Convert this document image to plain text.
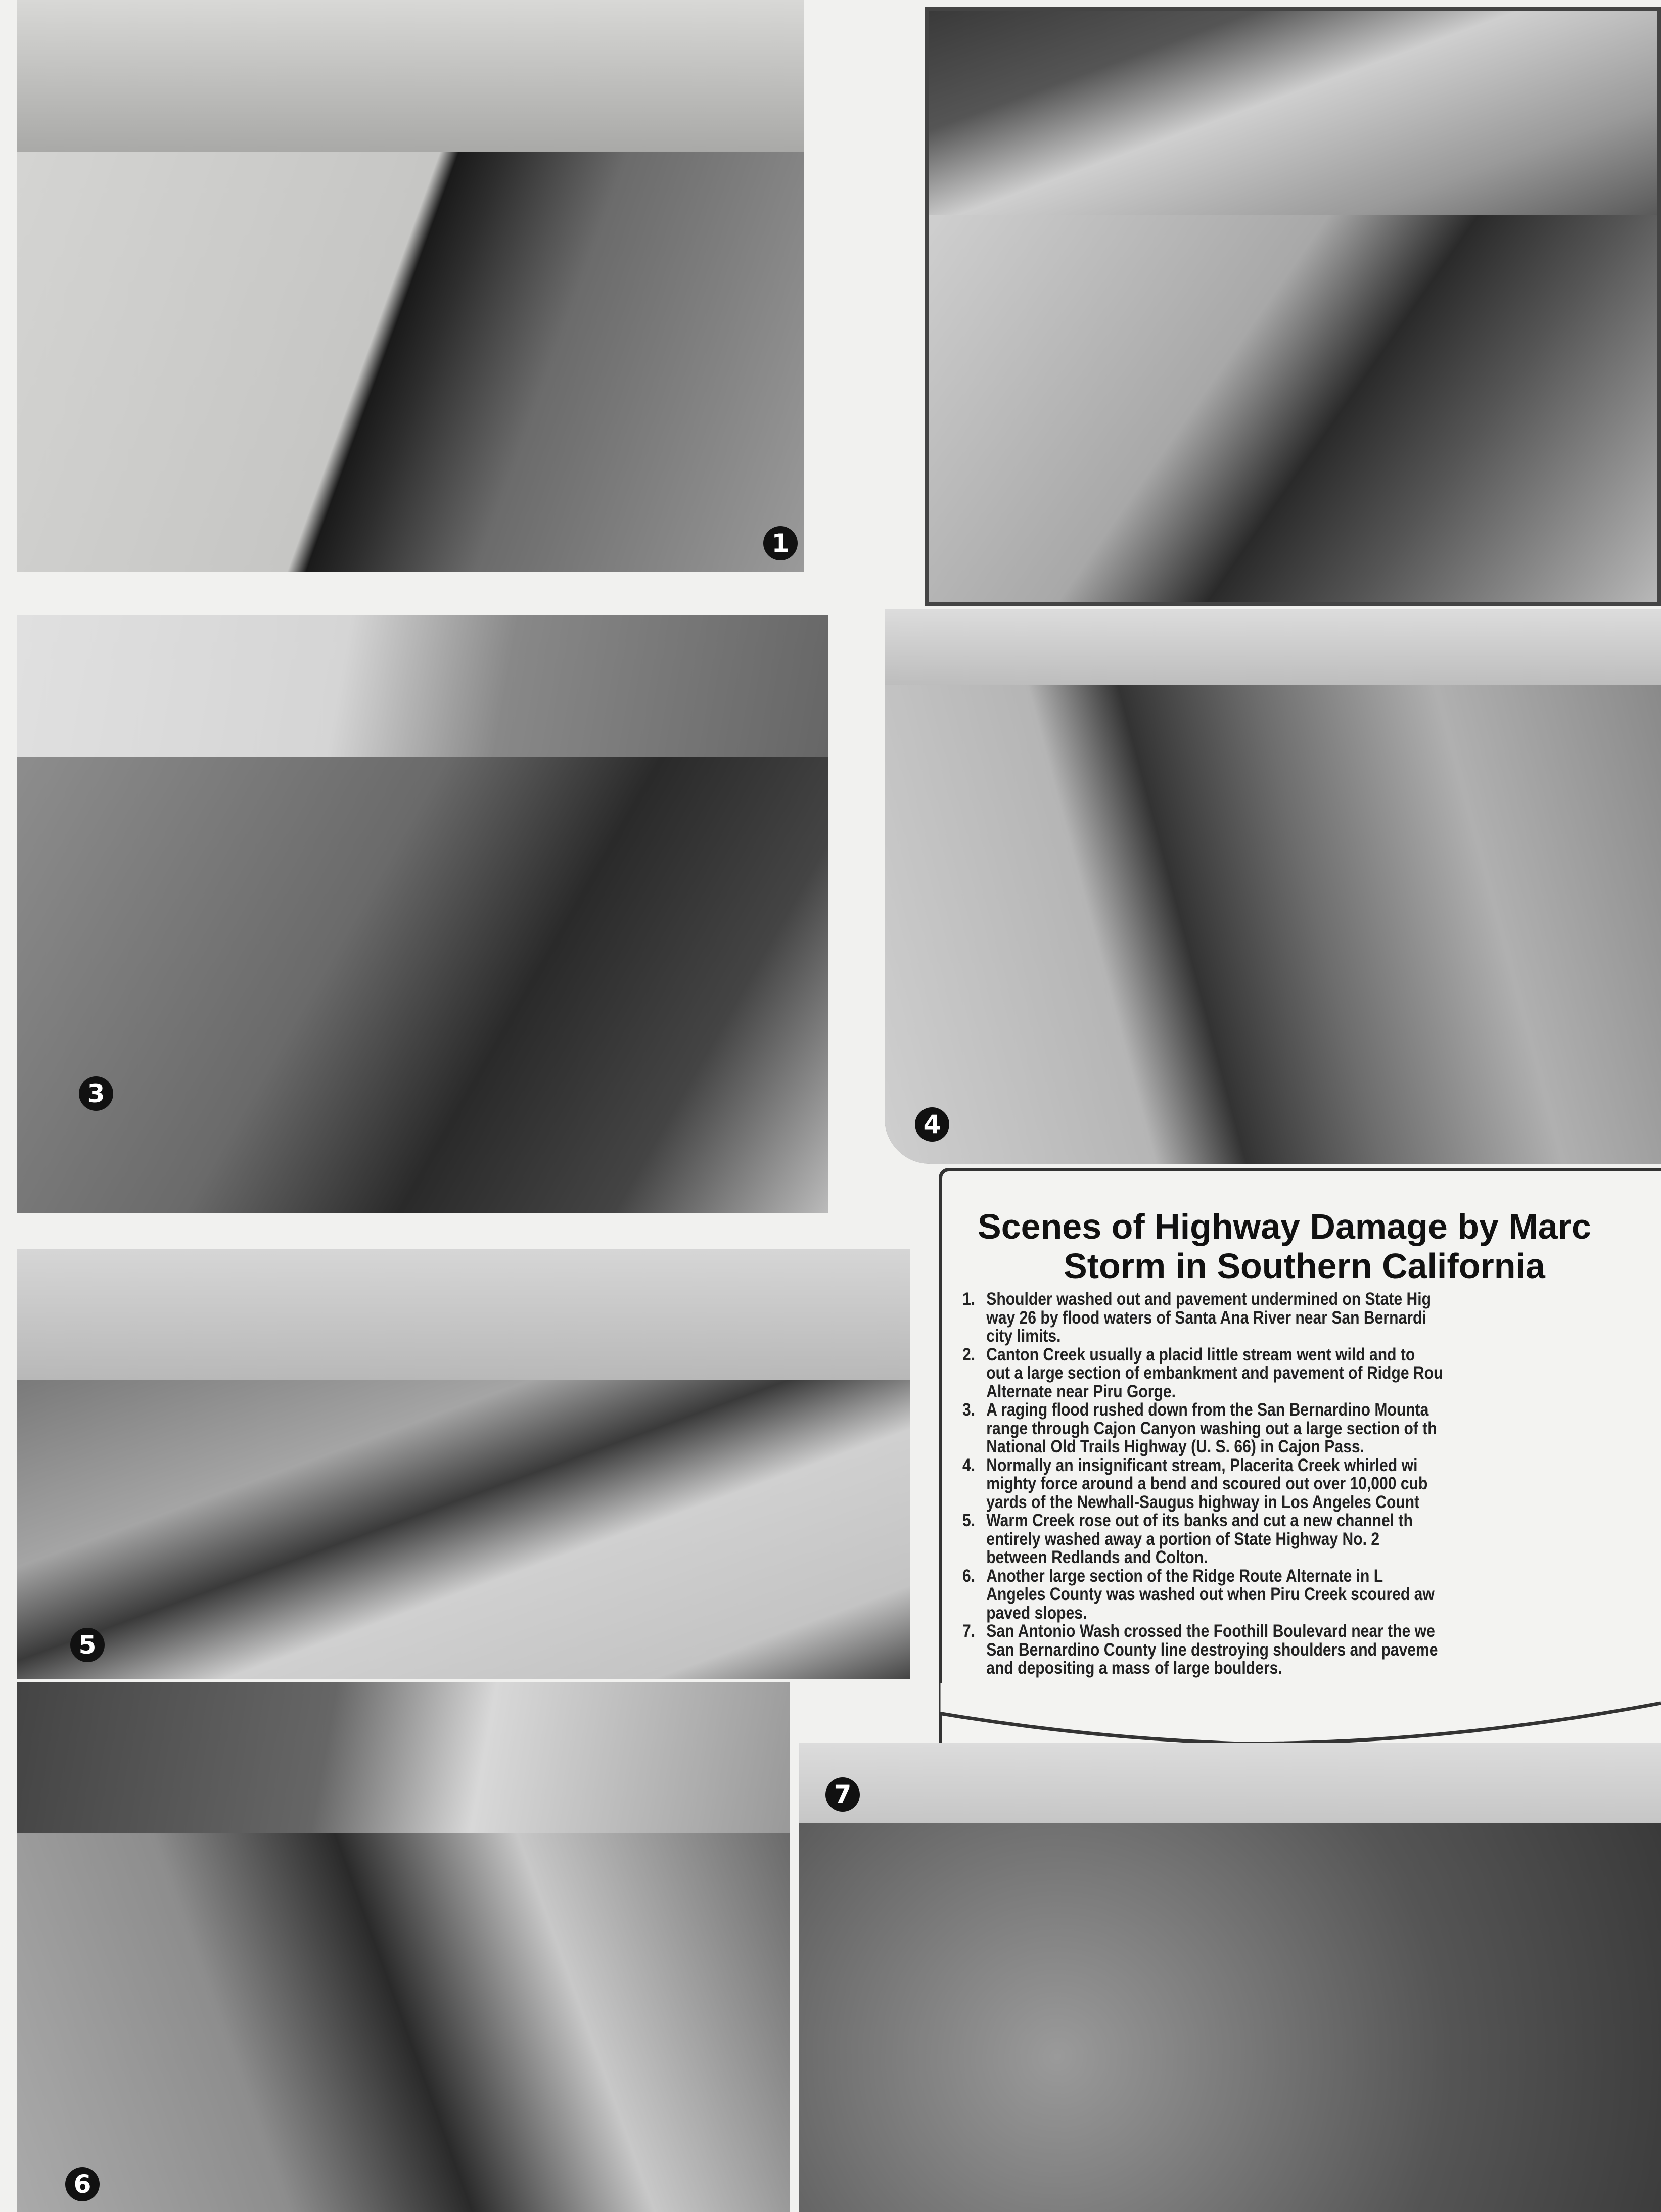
1
3
4
Scenes of Highway Damage by Marc
Storm in Southern California
1. Shoulder washed out and pavement undermined on State Hig
way 26 by flood waters of Santa Ana River near San Bernardi
city limits.
2. Canton Creek usually a placid little stream went wild and to
out a large section of embankment and pavement of Ridge Rou
Alternate near Piru Gorge.
3. A raging flood rushed down from the San Bernardino Mounta
range through Cajon Canyon washing out a large section of th
National Old Trails Highway (U. S. 66) in Cajon Pass.
4. Normally an insignificant stream, Placerita Creek whirled wi
mighty force around a bend and scoured out over 10,000 cub
yards of the Newhall-Saugus highway in Los Angeles Count
5. Warm Creek rose out of its banks and cut a new channel th
entirely washed away a portion of State Highway No. 2
between Redlands and Colton.
6. Another large section of the Ridge Route Alternate in L
Angeles County was washed out when Piru Creek scoured aw
paved slopes.
7. San Antonio Wash crossed the Foothill Boulevard near the we
San Bernardino County line destroying shoulders and paveme
and depositing a mass of large boulders.
5
6
7
